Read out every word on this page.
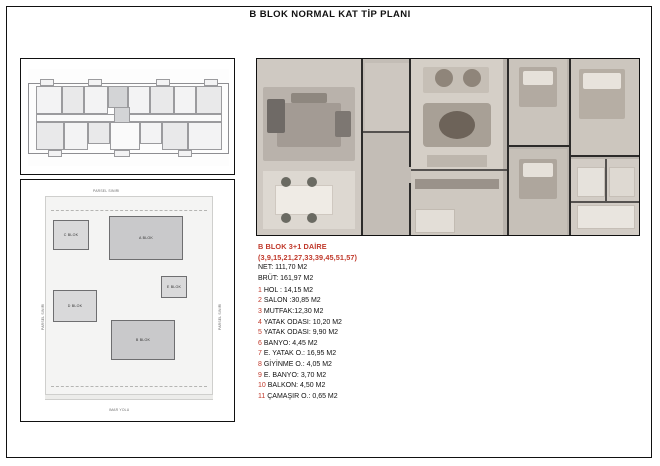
B BLOK NORMAL KAT TİP PLANI
PARSEL SINIRI
PARSEL SINIRI	PARSEL SINIRI
IMAR YOLU
C BLOK
A BLOK
D BLOK
B BLOK
E BLOK
B BLOK 3+1 DAİRE
(3,9,15,21,27,33,39,45,51,57)
NET: 111,70 M2
BRÜT: 161,97 M2
1 HOL : 14,15 M2
2 SALON :30,85 M2
3 MUTFAK:12,30 M2
4 YATAK ODASI: 10,20 M2
5 YATAK ODASI: 9,90 M2
6 BANYO: 4,45 M2
7 E. YATAK O.: 16,95 M2
8 GİYİNME O.: 4,05 M2
9 E. BANYO: 3,70 M2
10 BALKON: 4,50 M2
11 ÇAMAŞIR O.: 0,65 M2
